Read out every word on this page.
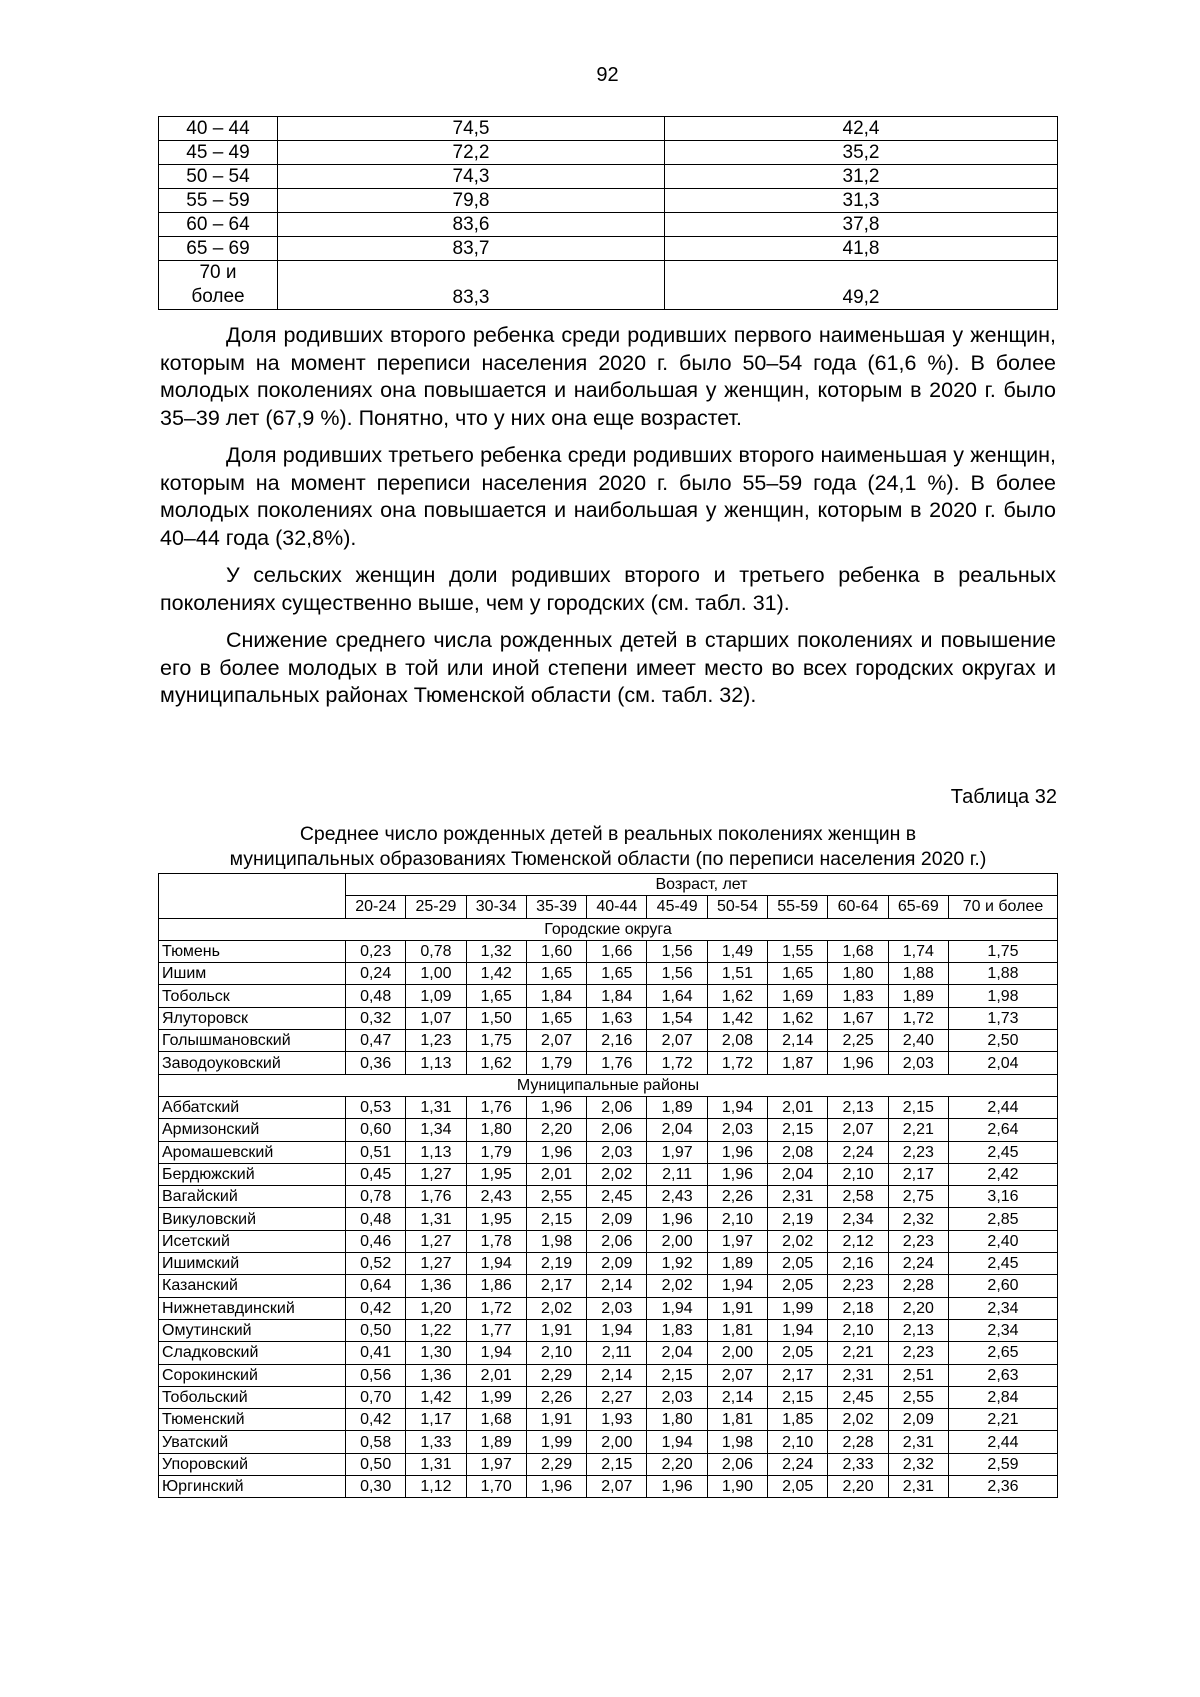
92
40 – 44	74,5	42,4
45 – 49	72,2	35,2
50 – 54	74,3	31,2
55 – 59	79,8	31,3
60 – 64	83,6	37,8
65 – 69	83,7	41,8

70 и
более	83,3	49,2

Доля родивших второго ребенка среди родивших первого наименьшая у женщин, которым на момент переписи населения 2020 г. было 50–54 года (61,6 %). В более молодых поколениях она повышается и наибольшая у женщин, которым в 2020 г. было 35–39 лет (67,9 %). Понятно, что у них она еще возрастет.

Доля родивших третьего ребенка среди родивших второго наименьшая у женщин, которым на момент переписи населения 2020 г. было 55–59 года (24,1 %). В более молодых поколениях она повышается и наибольшая у женщин, которым в 2020 г. было 40–44 года (32,8%).

У сельских женщин доли родивших второго и третьего ребенка в реальных поколениях существенно выше, чем у городских (см. табл. 31).

Снижение среднего числа рожденных детей в старших поколениях и повышение его в более молодых в той или иной степени имеет место во всех городских округах и муниципальных районах Тюменской области (см. табл. 32).

Таблица 32
Среднее число рожденных детей в реальных поколениях женщин в
муниципальных образованиях Тюменской области (по переписи населения 2020 г.)
	Возраст, лет										
	20-24	25-29	30-34	35-39	40-44	45-49	50-54	55-59	60-64	65-69	70 и более
Городские округа											
Тюмень	0,23	0,78	1,32	1,60	1,66	1,56	1,49	1,55	1,68	1,74	1,75
Ишим	0,24	1,00	1,42	1,65	1,65	1,56	1,51	1,65	1,80	1,88	1,88
Тобольск	0,48	1,09	1,65	1,84	1,84	1,64	1,62	1,69	1,83	1,89	1,98
Ялуторовск	0,32	1,07	1,50	1,65	1,63	1,54	1,42	1,62	1,67	1,72	1,73
Голышмановский	0,47	1,23	1,75	2,07	2,16	2,07	2,08	2,14	2,25	2,40	2,50
Заводоуковский	0,36	1,13	1,62	1,79	1,76	1,72	1,72	1,87	1,96	2,03	2,04
Муниципальные районы											
Аббатский	0,53	1,31	1,76	1,96	2,06	1,89	1,94	2,01	2,13	2,15	2,44
Армизонский	0,60	1,34	1,80	2,20	2,06	2,04	2,03	2,15	2,07	2,21	2,64
Аромашевский	0,51	1,13	1,79	1,96	2,03	1,97	1,96	2,08	2,24	2,23	2,45
Бердюжский	0,45	1,27	1,95	2,01	2,02	2,11	1,96	2,04	2,10	2,17	2,42
Вагайский	0,78	1,76	2,43	2,55	2,45	2,43	2,26	2,31	2,58	2,75	3,16
Викуловский	0,48	1,31	1,95	2,15	2,09	1,96	2,10	2,19	2,34	2,32	2,85
Исетский	0,46	1,27	1,78	1,98	2,06	2,00	1,97	2,02	2,12	2,23	2,40
Ишимский	0,52	1,27	1,94	2,19	2,09	1,92	1,89	2,05	2,16	2,24	2,45
Казанский	0,64	1,36	1,86	2,17	2,14	2,02	1,94	2,05	2,23	2,28	2,60
Нижнетавдинский	0,42	1,20	1,72	2,02	2,03	1,94	1,91	1,99	2,18	2,20	2,34
Омутинский	0,50	1,22	1,77	1,91	1,94	1,83	1,81	1,94	2,10	2,13	2,34
Сладковский	0,41	1,30	1,94	2,10	2,11	2,04	2,00	2,05	2,21	2,23	2,65
Сорокинский	0,56	1,36	2,01	2,29	2,14	2,15	2,07	2,17	2,31	2,51	2,63
Тобольский	0,70	1,42	1,99	2,26	2,27	2,03	2,14	2,15	2,45	2,55	2,84
Тюменский	0,42	1,17	1,68	1,91	1,93	1,80	1,81	1,85	2,02	2,09	2,21
Уватский	0,58	1,33	1,89	1,99	2,00	1,94	1,98	2,10	2,28	2,31	2,44
Упоровский	0,50	1,31	1,97	2,29	2,15	2,20	2,06	2,24	2,33	2,32	2,59
Юргинский	0,30	1,12	1,70	1,96	2,07	1,96	1,90	2,05	2,20	2,31	2,36
